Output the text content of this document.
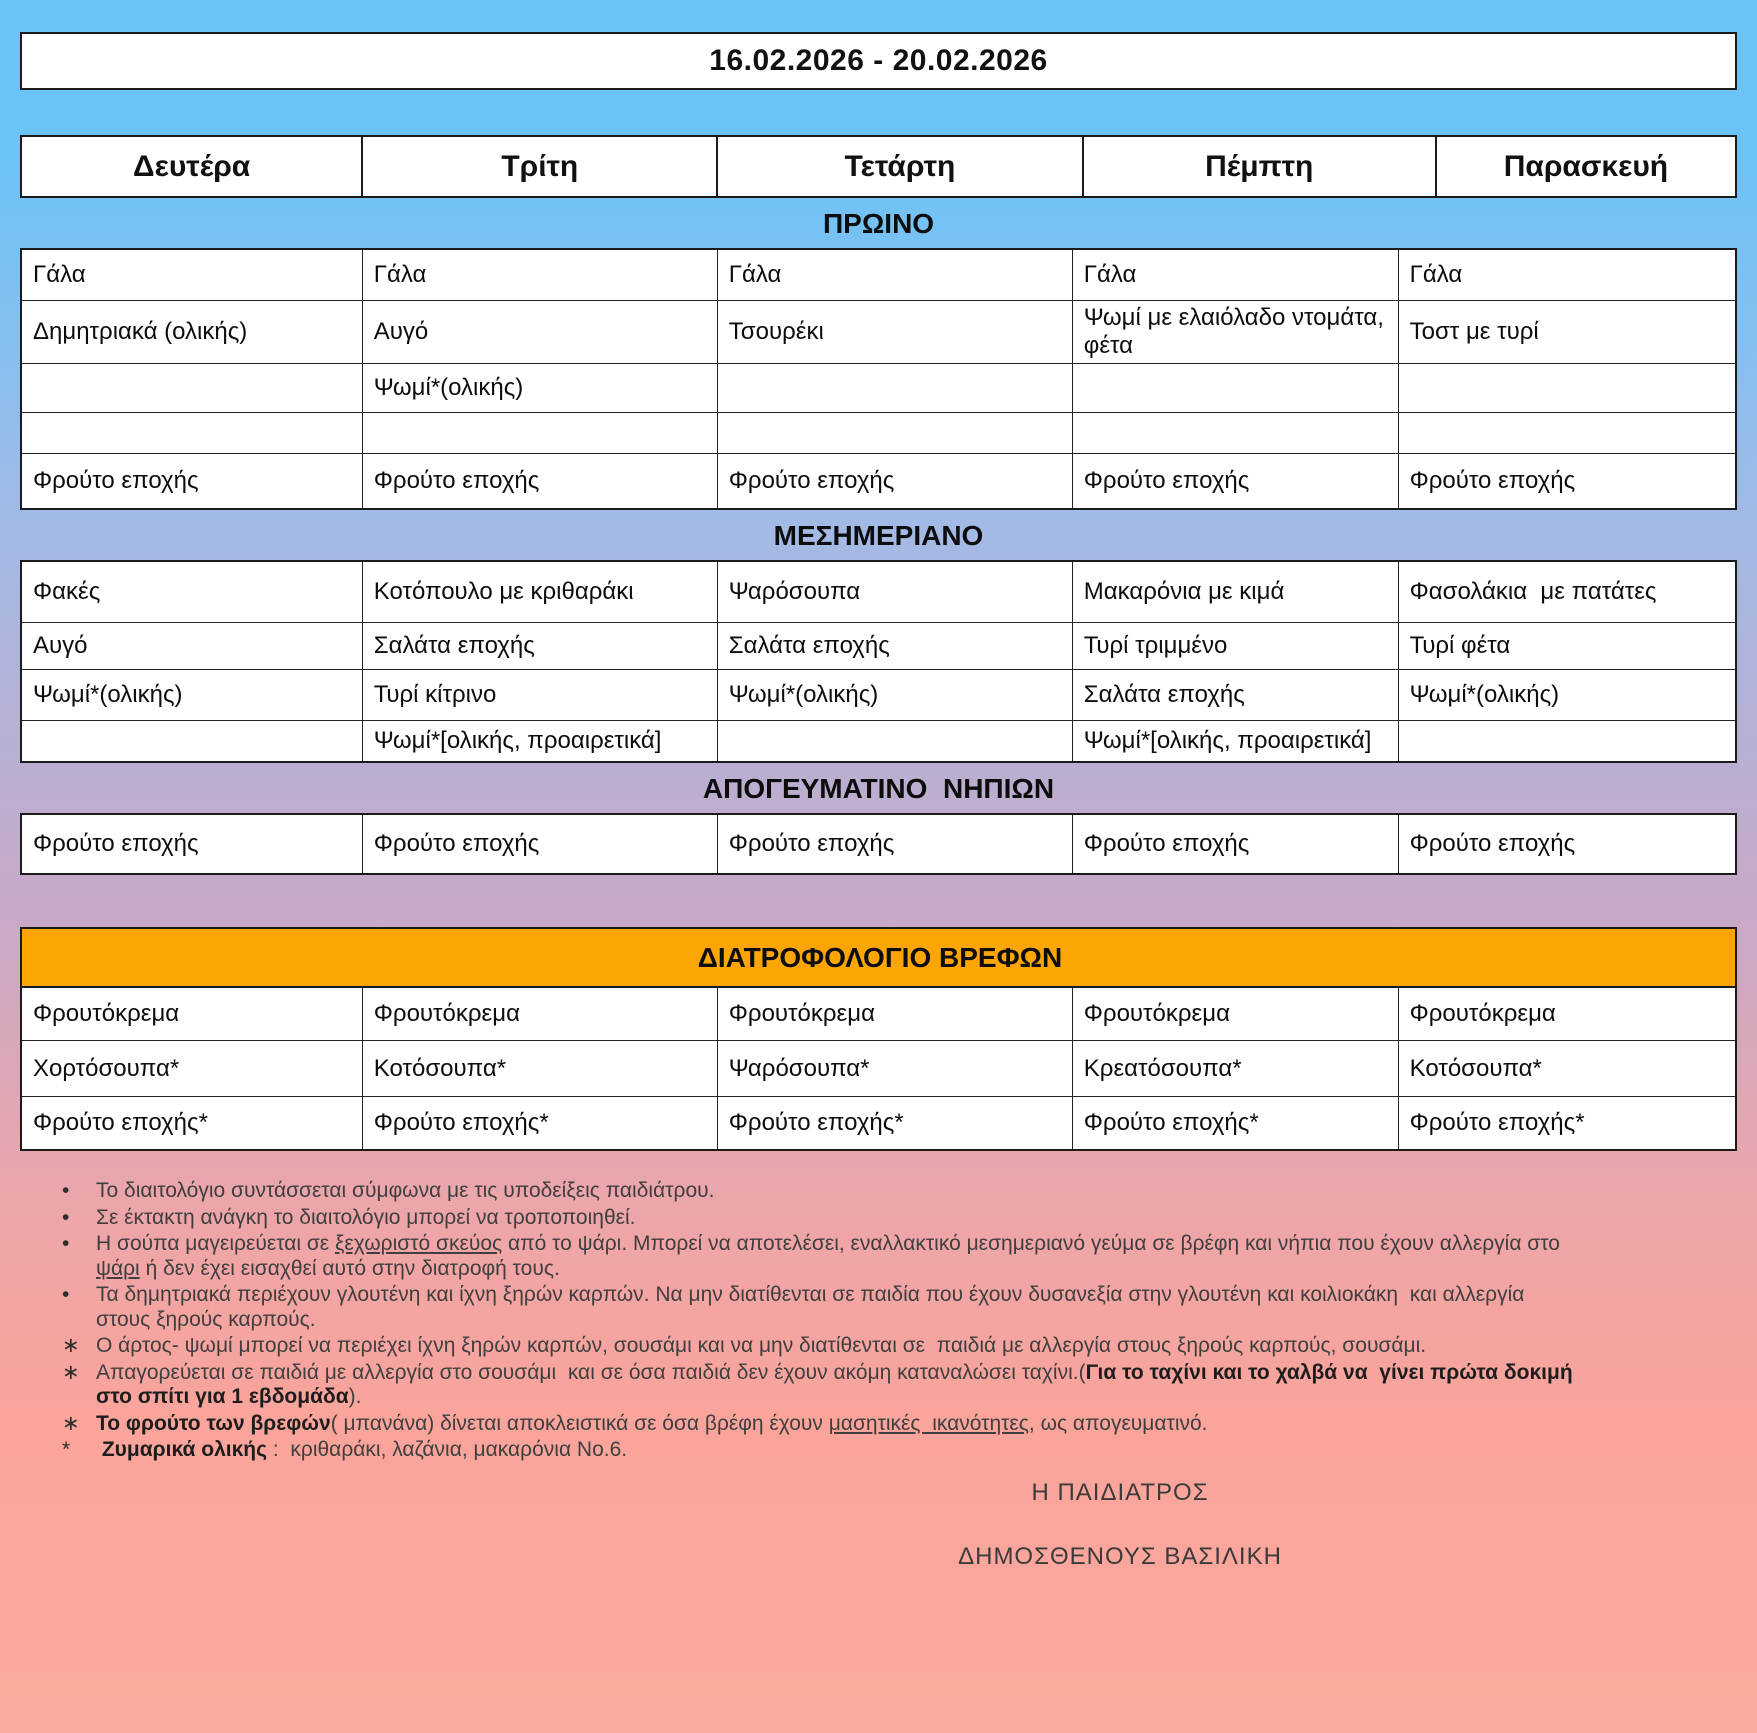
16.02.2026 - 20.02.2026
Δευτέρα	Τρίτη	Τετάρτη	Πέμπτη	Παρασκευή
ΠΡΩΙΝΟ
Γάλα	Γάλα	Γάλα	Γάλα	Γάλα
Δημητριακά (ολικής)	Αυγό	Τσουρέκι	Ψωμί με ελαιόλαδο ντομάτα, φέτα	Τοστ με τυρί
	Ψωμί*(ολικής)			

Φρούτο εποχής	Φρούτο εποχής	Φρούτο εποχής	Φρούτο εποχής	Φρούτο εποχής
ΜΕΣΗΜΕΡΙΑΝΟ
Φακές	Κοτόπουλο με κριθαράκι	Ψαρόσουπα	Μακαρόνια με κιμά	Φασολάκια  με πατάτες
Αυγό	Σαλάτα εποχής	Σαλάτα εποχής	Τυρί τριμμένο	Τυρί φέτα
Ψωμί*(ολικής)	Τυρί κίτρινο	Ψωμί*(ολικής)	Σαλάτα εποχής	Ψωμί*(ολικής)
	Ψωμί*[ολικής, προαιρετικά]		Ψωμί*[ολικής, προαιρετικά]	
ΑΠΟΓΕΥΜΑΤΙΝΟ  ΝΗΠΙΩΝ
Φρούτο εποχής	Φρούτο εποχής	Φρούτο εποχής	Φρούτο εποχής	Φρούτο εποχής
ΔΙΑΤΡΟΦΟΛΟΓΙΟ ΒΡΕΦΩΝ				
Φρουτόκρεμα	Φρουτόκρεμα	Φρουτόκρεμα	Φρουτόκρεμα	Φρουτόκρεμα
Χορτόσουπα*	Κοτόσουπα*	Ψαρόσουπα*	Κρεατόσουπα*	Κοτόσουπα*
Φρούτο εποχής*	Φρούτο εποχής*	Φρούτο εποχής*	Φρούτο εποχής*	Φρούτο εποχής*
•	Το διαιτολόγιο συντάσσεται σύμφωνα με τις υποδείξεις παιδιάτρου.
•	Σε έκτακτη ανάγκη το διαιτολόγιο μπορεί να τροποποιηθεί.
•	Η σούπα μαγειρεύεται σε ξεχωριστό σκεύος από το ψάρι. Μπορεί να αποτελέσει, εναλλακτικό μεσημεριανό γεύμα σε βρέφη και νήπια που έχουν αλλεργία στο ψάρι ή δεν έχει εισαχθεί αυτό στην διατροφή τους.
•	Τα δημητριακά περιέχουν γλουτένη και ίχνη ξηρών καρπών. Να μην διατίθενται σε παιδία που έχουν δυσανεξία στην γλουτένη και κοιλιοκάκη  και αλλεργία στους ξηρούς καρπούς.
∗ Ο άρτος- ψωμί μπορεί να περιέχει ίχνη ξηρών καρπών, σουσάμι και να μην διατίθενται σε  παιδιά με αλλεργία στους ξηρούς καρπούς, σουσάμι.
∗ Απαγορεύεται σε παιδιά με αλλεργία στο σουσάμι  και σε όσα παιδιά δεν έχουν ακόμη καταναλώσει ταχίνι.(Για το ταχίνι και το χαλβά να  γίνει πρώτα δοκιμή στο σπίτι για 1 εβδομάδα).
∗ Το φρούτο των βρεφών( μπανάνα) δίνεται αποκλειστικά σε όσα βρέφη έχουν μασητικές  ικανότητες, ως απογευματινό.
*	Ζυμαρικά ολικής :  κριθαράκι, λαζάνια, μακαρόνια Νο.6.
Η ΠΑΙΔΙΑΤΡΟΣ
ΔΗΜΟΣΘΕΝΟΥΣ ΒΑΣΙΛΙΚΗ
